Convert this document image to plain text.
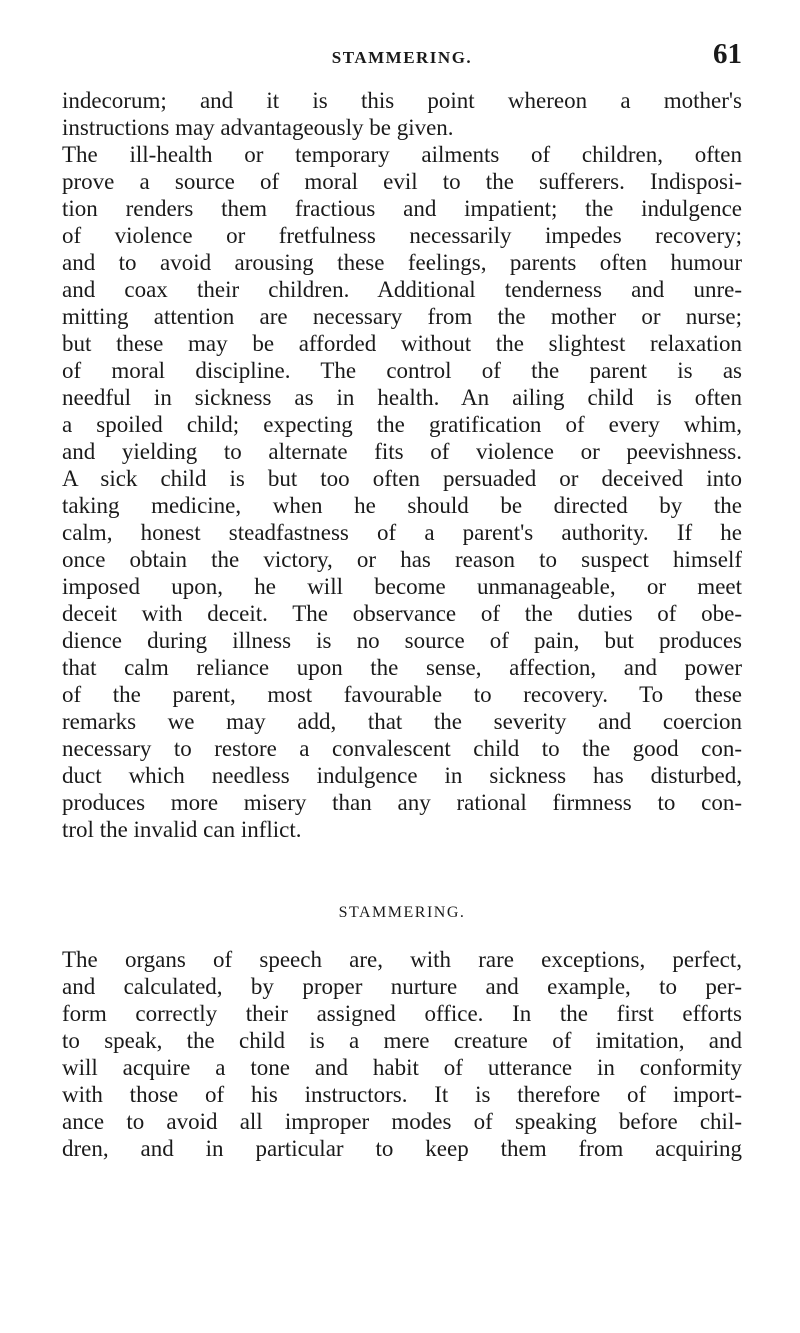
STAMMERING.	61
indecorum; and it is this point whereon a mother's
instructions may advantageously be given.
The ill-health or temporary ailments of children, often
prove a source of moral evil to the sufferers. Indisposi-
tion renders them fractious and impatient; the indulgence
of violence or fretfulness necessarily impedes recovery;
and to avoid arousing these feelings, parents often humour
and coax their children. Additional tenderness and unre-
mitting attention are necessary from the mother or nurse;
but these may be afforded without the slightest relaxation
of moral discipline. The control of the parent is as
needful in sickness as in health. An ailing child is often
a spoiled child; expecting the gratification of every whim,
and yielding to alternate fits of violence or peevishness.
A sick child is but too often persuaded or deceived into
taking medicine, when he should be directed by the
calm, honest steadfastness of a parent's authority. If he
once obtain the victory, or has reason to suspect himself
imposed upon, he will become unmanageable, or meet
deceit with deceit. The observance of the duties of obe-
dience during illness is no source of pain, but produces
that calm reliance upon the sense, affection, and power
of the parent, most favourable to recovery. To these
remarks we may add, that the severity and coercion
necessary to restore a convalescent child to the good con-
duct which needless indulgence in sickness has disturbed,
produces more misery than any rational firmness to con-
trol the invalid can inflict.
STAMMERING.
The organs of speech are, with rare exceptions, perfect,
and calculated, by proper nurture and example, to per-
form correctly their assigned office. In the first efforts
to speak, the child is a mere creature of imitation, and
will acquire a tone and habit of utterance in conformity
with those of his instructors. It is therefore of import-
ance to avoid all improper modes of speaking before chil-
dren, and in particular to keep them from acquiring
